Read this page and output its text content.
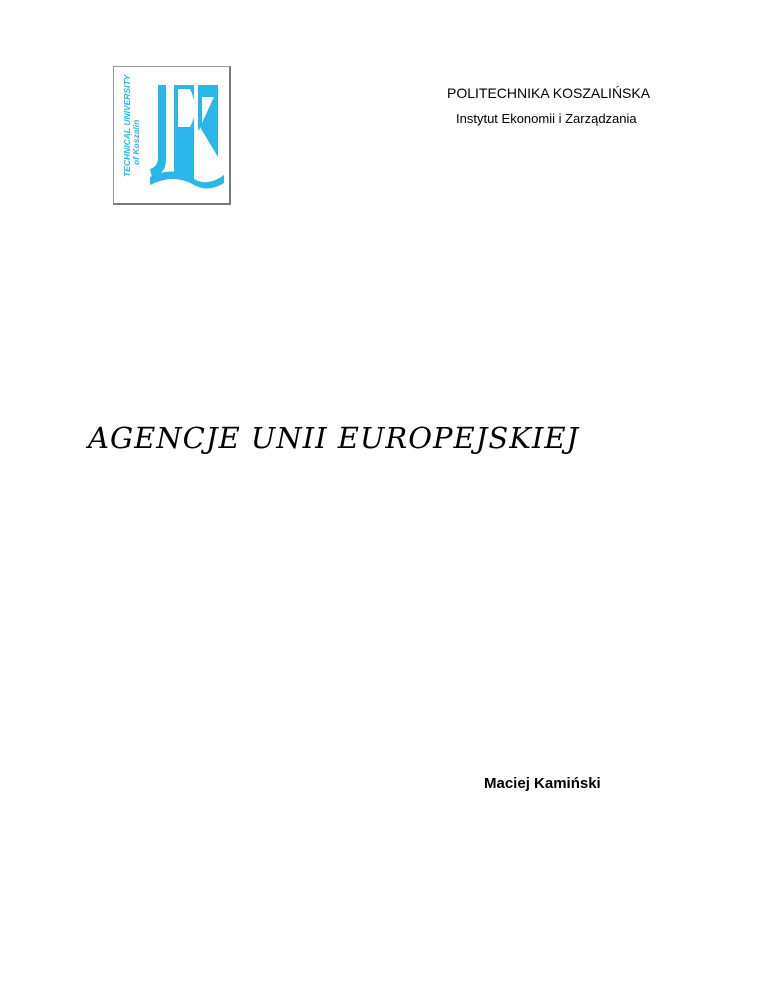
TECHNICAL UNIVERSITY of Koszalin
POLITECHNIKA KOSZALIŃSKA
Instytut Ekonomii i Zarządzania
AGENCJE UNII EUROPEJSKIEJ
Maciej Kamiński
